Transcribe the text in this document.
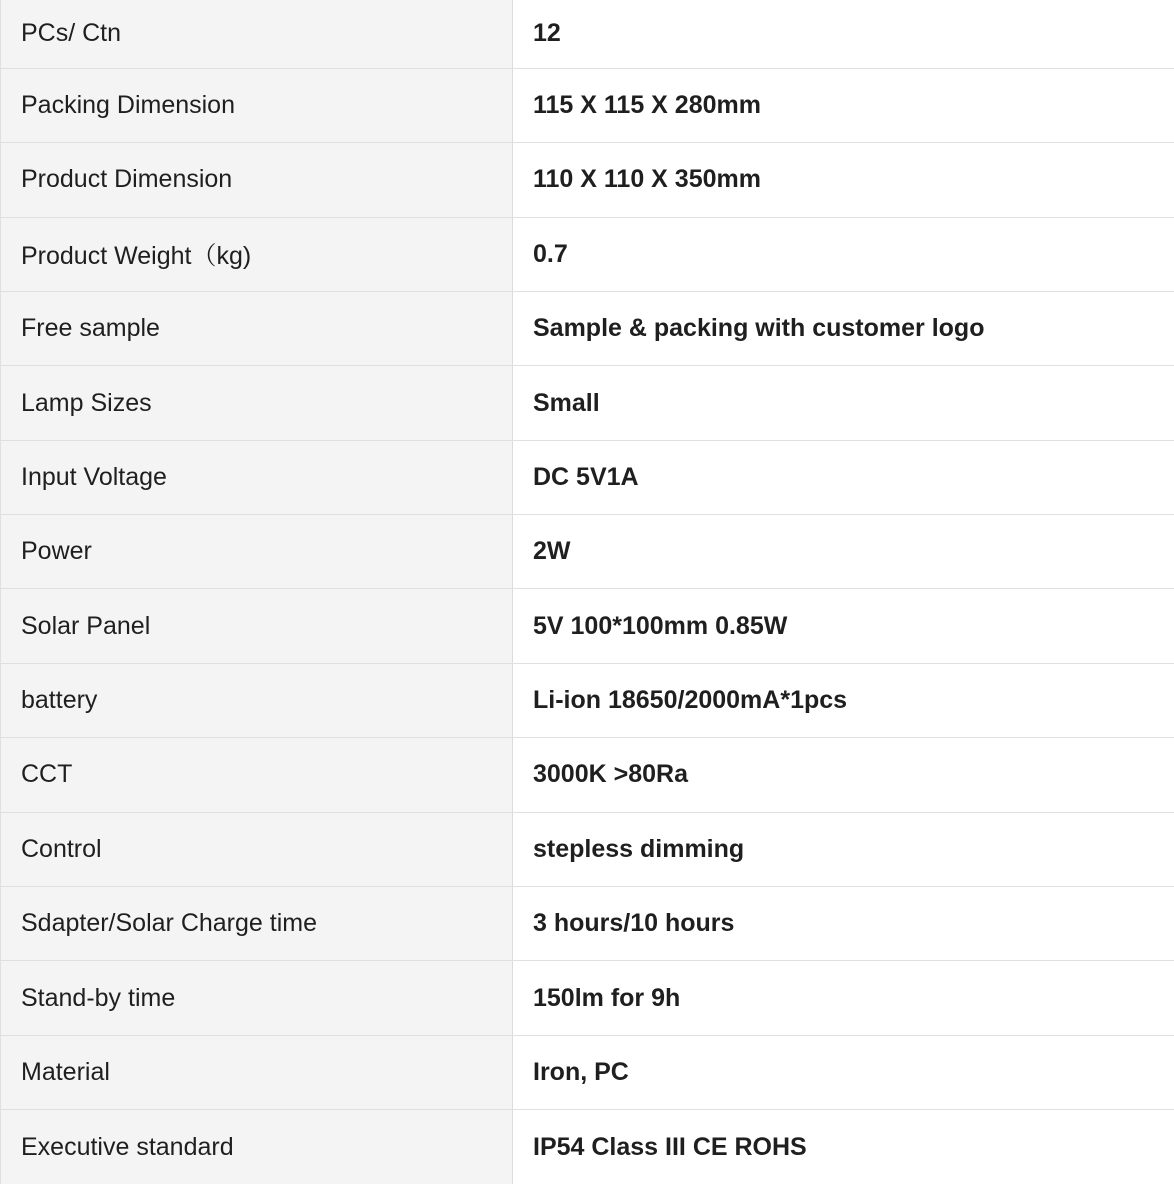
PCs/ Ctn	12
Packing Dimension	115 X 115 X 280mm
Product Dimension	110 X 110 X 350mm
Product Weight（kg)	0.7
Free sample	Sample & packing with customer logo
Lamp Sizes	Small
Input Voltage	DC 5V1A
Power	2W
Solar Panel	5V 100*100mm 0.85W
battery	Li-ion 18650/2000mA*1pcs
CCT	3000K >80Ra
Control	stepless dimming
Sdapter/Solar Charge time	3 hours/10 hours
Stand-by time	150lm for 9h
Material	Iron, PC
Executive standard	IP54 Class III CE ROHS
